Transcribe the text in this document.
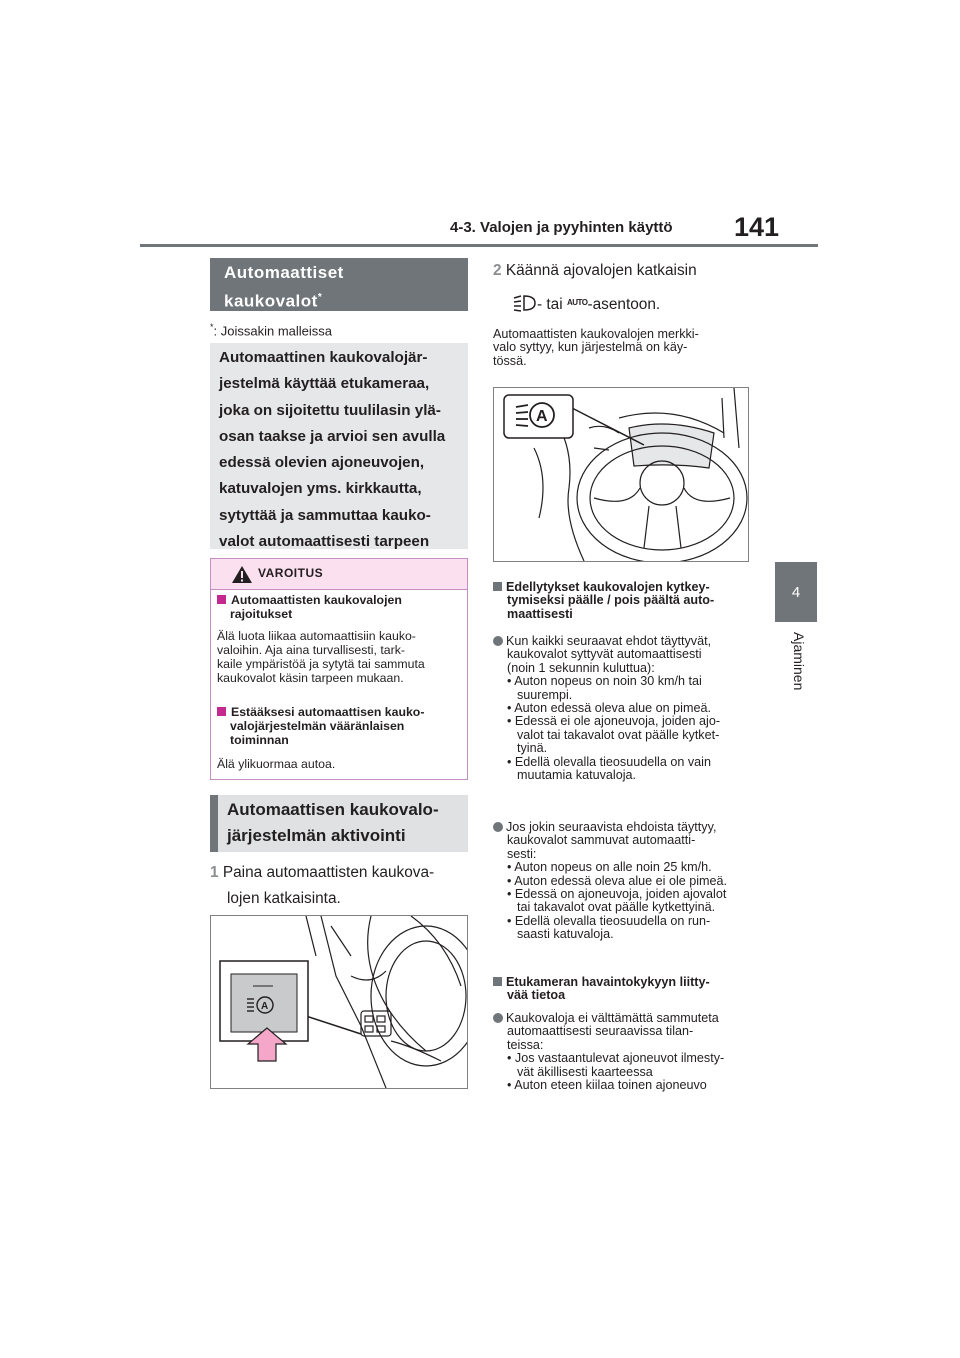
4-3. Valojen ja pyyhinten käyttö 141
4
Ajaminen
Automaattiset
kaukovalot*
*: Joissakin malleissa
Automaattinen kaukovalojär-
jestelmä käyttää etukameraa,
joka on sijoitettu tuulilasin ylä-
osan taakse ja arvioi sen avulla
edessä olevien ajoneuvojen,
katuvalojen yms. kirkkautta,
sytyttää ja sammuttaa kauko-
valot automaattisesti tarpeen
VAROITUS
Automaattisten kaukovalojen
rajoitukset
Älä luota liikaa automaattisiin kauko-
valoihin. Aja aina turvallisesti, tark-
kaile ympäristöä ja sytytä tai sammuta
kaukovalot käsin tarpeen mukaan.
Estääksesi automaattisen kauko-
valojärjestelmän vääränlaisen
toiminnan
Älä ylikuormaa autoa.
Automaattisen kaukovalo-
järjestelmän aktivointi
1 Paina automaattisten kaukova-
lojen katkaisinta.
A
2 Käännä ajovalojen katkaisin
- tai $^{AUTO}$-asentoon.
Automaattisten kaukovalojen merkki-
valo syttyy, kun järjestelmä on käy-
tössä.
A
Edellytykset kaukovalojen kytkey-
tymiseksi päälle / pois päältä auto-
maattisesti
Kun kaikki seuraavat ehdot täyttyvät,
kaukovalot syttyvät automaattisesti
(noin 1 sekunnin kuluttua):
• Auton nopeus on noin 30 km/h tai
suurempi.
• Auton edessä oleva alue on pimeä.
• Edessä ei ole ajoneuvoja, joiden ajo-
valot tai takavalot ovat päälle kytket-
tyinä.
• Edellä olevalla tieosuudella on vain
muutamia katuvaloja.
Jos jokin seuraavista ehdoista täyttyy,
kaukovalot sammuvat automaatti-
sesti:
• Auton nopeus on alle noin 25 km/h.
• Auton edessä oleva alue ei ole pimeä.
• Edessä on ajoneuvoja, joiden ajovalot
tai takavalot ovat päälle kytkettyinä.
• Edellä olevalla tieosuudella on run-
saasti katuvaloja.
Etukameran havaintokykyyn liitty-
vää tietoa
Kaukovaloja ei välttämättä sammuteta
automaattisesti seuraavissa tilan-
teissa:
• Jos vastaantulevat ajoneuvot ilmesty-
vät äkillisesti kaarteessa
• Auton eteen kiilaa toinen ajoneuvo
